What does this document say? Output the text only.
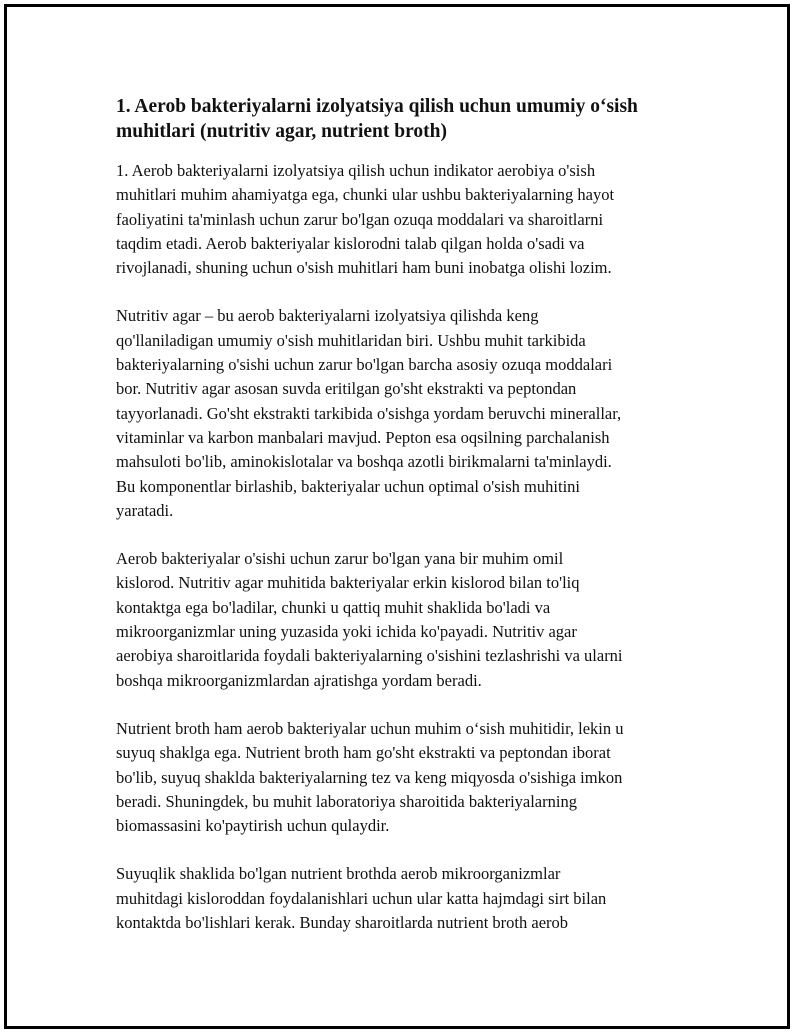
1. Aerob bakteriyalarni izolyatsiya qilish uchun umumiy o‘sish muhitlari (nutritiv agar, nutrient broth)

1. Aerob bakteriyalarni izolyatsiya qilish uchun indikator aerobiya o'sish
muhitlari muhim ahamiyatga ega, chunki ular ushbu bakteriyalarning hayot
faoliyatini ta'minlash uchun zarur bo'lgan ozuqa moddalari va sharoitlarni
taqdim etadi. Aerob bakteriyalar kislorodni talab qilgan holda o'sadi va
rivojlanadi, shuning uchun o'sish muhitlari ham buni inobatga olishi lozim.

Nutritiv agar – bu aerob bakteriyalarni izolyatsiya qilishda keng
qo'llaniladigan umumiy o'sish muhitlaridan biri. Ushbu muhit tarkibida
bakteriyalarning o'sishi uchun zarur bo'lgan barcha asosiy ozuqa moddalari
bor. Nutritiv agar asosan suvda eritilgan go'sht ekstrakti va peptondan
tayyorlanadi. Go'sht ekstrakti tarkibida o'sishga yordam beruvchi minerallar,
vitaminlar va karbon manbalari mavjud. Pepton esa oqsilning parchalanish
mahsuloti bo'lib, aminokislotalar va boshqa azotli birikmalarni ta'minlaydi.
Bu komponentlar birlashib, bakteriyalar uchun optimal o'sish muhitini
yaratadi.

Aerob bakteriyalar o'sishi uchun zarur bo'lgan yana bir muhim omil
kislorod. Nutritiv agar muhitida bakteriyalar erkin kislorod bilan to'liq
kontaktga ega bo'ladilar, chunki u qattiq muhit shaklida bo'ladi va
mikroorganizmlar uning yuzasida yoki ichida ko'payadi. Nutritiv agar
aerobiya sharoitlarida foydali bakteriyalarning o'sishini tezlashrishi va ularni
boshqa mikroorganizmlardan ajratishga yordam beradi.

Nutrient broth ham aerob bakteriyalar uchun muhim o‘sish muhitidir, lekin u
suyuq shaklga ega. Nutrient broth ham go'sht ekstrakti va peptondan iborat
bo'lib, suyuq shaklda bakteriyalarning tez va keng miqyosda o'sishiga imkon
beradi. Shuningdek, bu muhit laboratoriya sharoitida bakteriyalarning
biomassasini ko'paytirish uchun qulaydir.

Suyuqlik shaklida bo'lgan nutrient brothda aerob mikroorganizmlar
muhitdagi kisloroddan foydalanishlari uchun ular katta hajmdagi sirt bilan
kontaktda bo'lishlari kerak. Bunday sharoitlarda nutrient broth aerob
